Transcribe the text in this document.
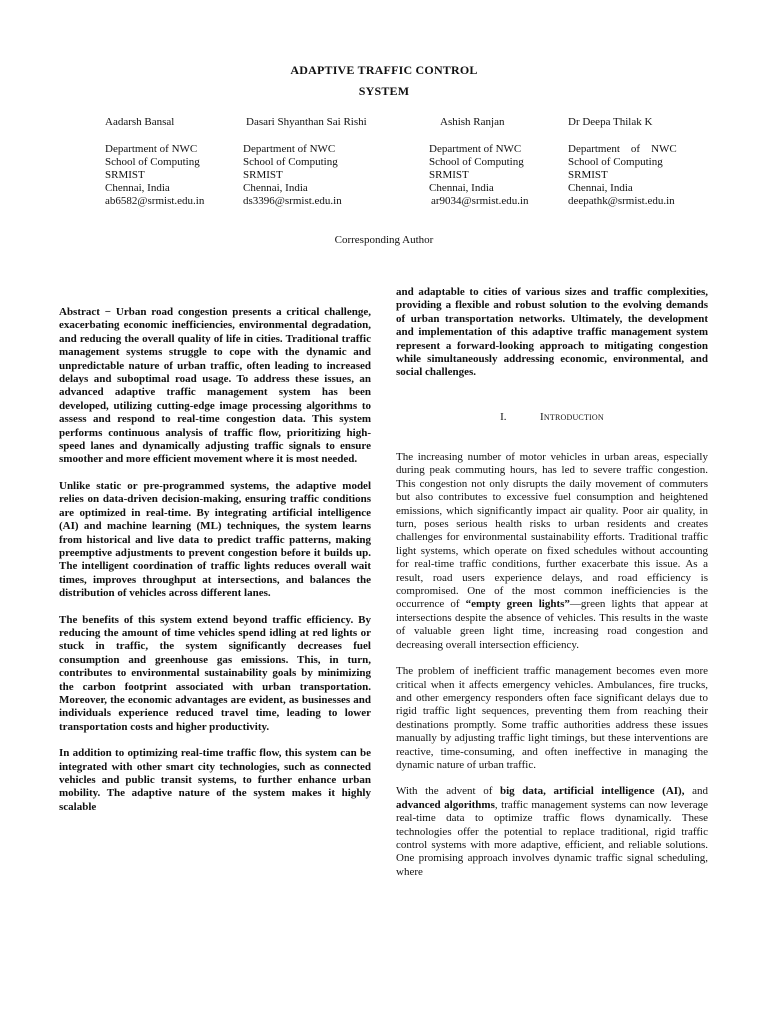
ADAPTIVE TRAFFIC CONTROL
SYSTEM
Aadarsh Bansal
Department of NWC
School of Computing
SRMIST
Chennai, India
ab6582@srmist.edu.in
Dasari Shyanthan Sai Rishi
Department of NWC
School of Computing
SRMIST
Chennai, India
ds3396@srmist.edu.in
Ashish Ranjan
Department of NWC
School of Computing
SRMIST
Chennai, India
ar9034@srmist.edu.in
Dr Deepa Thilak K
Department    of    NWC
School of Computing
SRMIST
Chennai, India
deepathk@srmist.edu.in
Corresponding Author

Abstract − Urban road congestion presents a critical challenge, exacerbating economic inefficiencies, environmental degradation, and reducing the overall quality of life in cities. Traditional traffic management systems struggle to cope with the dynamic and unpredictable nature of urban traffic, often leading to increased delays and suboptimal road usage. To address these issues, an advanced adaptive traffic management system has been developed, utilizing cutting-edge image processing algorithms to assess and respond to real-time congestion data. This system performs continuous analysis of traffic flow, prioritizing high-speed lanes and dynamically adjusting traffic signals to ensure smoother and more efficient movement where it is most needed.

Unlike static or pre-programmed systems, the adaptive model relies on data-driven decision-making, ensuring traffic conditions are optimized in real-time. By integrating artificial intelligence (AI) and machine learning (ML) techniques, the system learns from historical and live data to predict traffic patterns, making preemptive adjustments to prevent congestion before it builds up. The intelligent coordination of traffic lights reduces overall wait times, improves throughput at intersections, and balances the distribution of vehicles across different lanes.

The benefits of this system extend beyond traffic efficiency. By reducing the amount of time vehicles spend idling at red lights or stuck in traffic, the system significantly decreases fuel consumption and greenhouse gas emissions. This, in turn, contributes to environmental sustainability goals by minimizing the carbon footprint associated with urban transportation. Moreover, the economic advantages are evident, as businesses and individuals experience reduced travel time, leading to lower transportation costs and higher productivity.

In addition to optimizing real-time traffic flow, this system can be integrated with other smart city technologies, such as connected vehicles and public transit systems, to further enhance urban mobility. The adaptive nature of the system makes it highly scalable

and adaptable to cities of various sizes and traffic complexities, providing a flexible and robust solution to the evolving demands of urban transportation networks. Ultimately, the development and implementation of this adaptive traffic management system represent a forward-looking approach to mitigating congestion while simultaneously addressing economic, environmental, and social challenges.

I.	Introduction

The increasing number of motor vehicles in urban areas, especially during peak commuting hours, has led to severe traffic congestion. This congestion not only disrupts the daily movement of commuters but also contributes to excessive fuel consumption and heightened emissions, which significantly impact air quality. Poor air quality, in turn, poses serious health risks to urban residents and creates challenges for environmental sustainability efforts. Traditional traffic light systems, which operate on fixed schedules without accounting for real-time traffic conditions, further exacerbate this issue. As a result, road users experience delays, and road efficiency is compromised. One of the most common inefficiencies is the occurrence of “empty green lights”—green lights that appear at intersections despite the absence of vehicles. This results in the waste of valuable green light time, increasing road congestion and decreasing overall intersection efficiency.

The problem of inefficient traffic management becomes even more critical when it affects emergency vehicles. Ambulances, fire trucks, and other emergency responders often face significant delays due to rigid traffic light sequences, preventing them from reaching their destinations promptly. Some traffic authorities address these issues manually by adjusting traffic light timings, but these interventions are reactive, time-consuming, and often ineffective in managing the dynamic nature of urban traffic.

With the advent of big data, artificial intelligence (AI), and advanced algorithms, traffic management systems can now leverage real-time data to optimize traffic flows dynamically. These technologies offer the potential to replace traditional, rigid traffic control systems with more adaptive, efficient, and reliable solutions. One promising approach involves dynamic traffic signal scheduling, where
